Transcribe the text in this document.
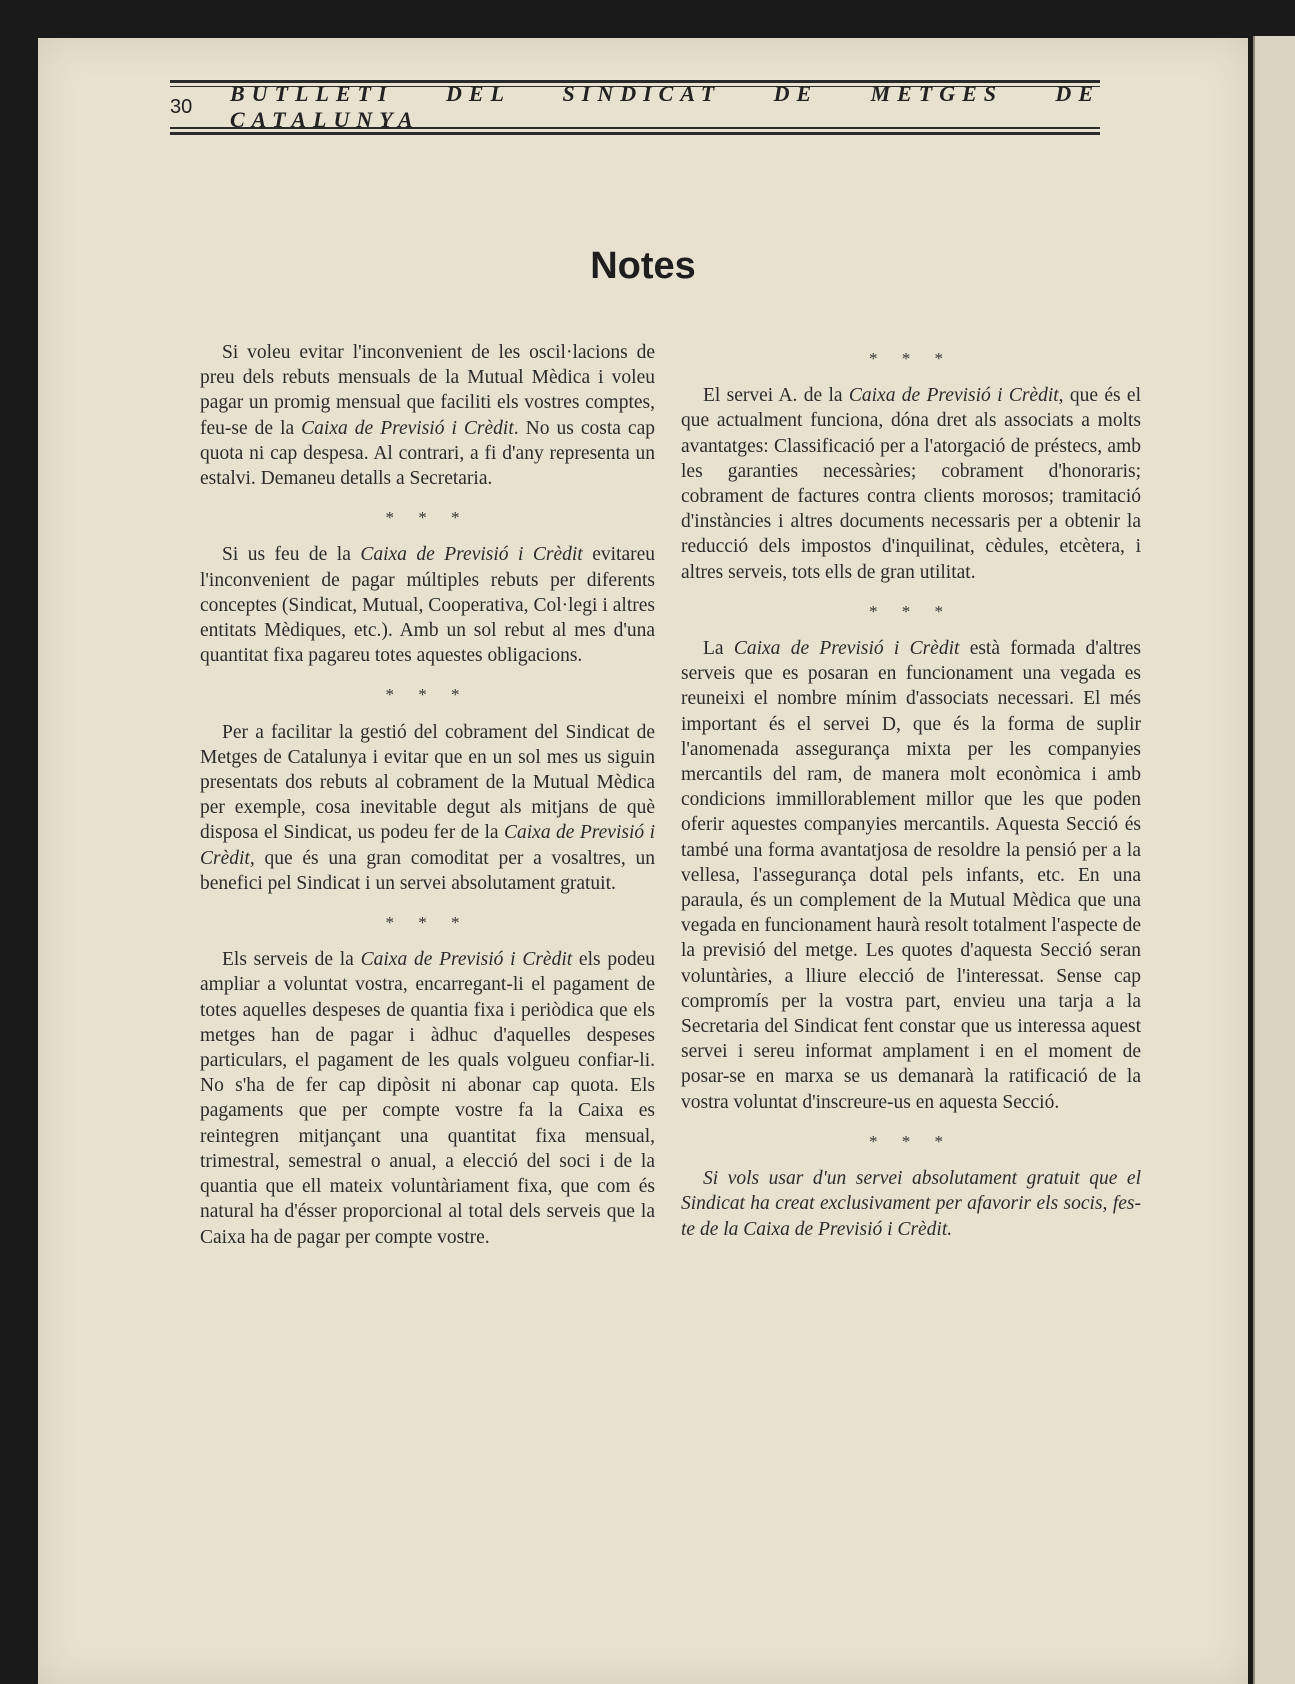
30
BUTLLETI DEL SINDICAT DE METGES DE CATALUNYA
Notes

Si voleu evitar l'inconvenient de les oscil·lacions de preu dels rebuts mensuals de la Mutual Mèdica i voleu pagar un promig mensual que faciliti els vostres comptes, feu-se de la Caixa de Previsió i Crèdit. No us costa cap quota ni cap despesa. Al contrari, a fi d'any representa un estalvi. Demaneu detalls a Secretaria.

* * *

Si us feu de la Caixa de Previsió i Crèdit evitareu l'inconvenient de pagar múltiples rebuts per diferents conceptes (Sindicat, Mutual, Cooperativa, Col·legi i altres entitats Mèdiques, etc.). Amb un sol rebut al mes d'una quantitat fixa pagareu totes aquestes obligacions.

* * *

Per a facilitar la gestió del cobrament del Sindicat de Metges de Catalunya i evitar que en un sol mes us siguin presentats dos rebuts al cobrament de la Mutual Mèdica per exemple, cosa inevitable degut als mitjans de què disposa el Sindicat, us podeu fer de la Caixa de Previsió i Crèdit, que és una gran comoditat per a vosaltres, un benefici pel Sindicat i un servei absolutament gratuit.

* * *

Els serveis de la Caixa de Previsió i Crèdit els podeu ampliar a voluntat vostra, encarregant-li el pagament de totes aquelles despeses de quantia fixa i periòdica que els metges han de pagar i àdhuc d'aquelles despeses particulars, el pagament de les quals volgueu confiar-li. No s'ha de fer cap dipòsit ni abonar cap quota. Els pagaments que per compte vostre fa la Caixa es reintegren mitjançant una quantitat fixa mensual, trimestral, semestral o anual, a elecció del soci i de la quantia que ell mateix voluntàriament fixa, que com és natural ha d'ésser proporcional al total dels serveis que la Caixa ha de pagar per compte vostre.

* * *

El servei A. de la Caixa de Previsió i Crèdit, que és el que actualment funciona, dóna dret als associats a molts avantatges: Classificació per a l'atorgació de préstecs, amb les garanties necessàries; cobrament d'honoraris; cobrament de factures contra clients morosos; tramitació d'instàncies i altres documents necessaris per a obtenir la reducció dels impostos d'inquilinat, cèdules, etcètera, i altres serveis, tots ells de gran utilitat.

* * *

La Caixa de Previsió i Crèdit està formada d'altres serveis que es posaran en funcionament una vegada es reuneixi el nombre mínim d'associats necessari. El més important és el servei D, que és la forma de suplir l'anomenada assegurança mixta per les companyies mercantils del ram, de manera molt econòmica i amb condicions immillorablement millor que les que poden oferir aquestes companyies mercantils. Aquesta Secció és també una forma avantatjosa de resoldre la pensió per a la vellesa, l'assegurança dotal pels infants, etc. En una paraula, és un complement de la Mutual Mèdica que una vegada en funcionament haurà resolt totalment l'aspecte de la previsió del metge. Les quotes d'aquesta Secció seran voluntàries, a lliure elecció de l'interessat. Sense cap compromís per la vostra part, envieu una tarja a la Secretaria del Sindicat fent constar que us interessa aquest servei i sereu informat amplament i en el moment de posar-se en marxa se us demanarà la ratificació de la vostra voluntat d'inscreure-us en aquesta Secció.

* * *

Si vols usar d'un servei absolutament gratuit que el Sindicat ha creat exclusivament per afavorir els socis, fes-te de la Caixa de Previsió i Crèdit.
